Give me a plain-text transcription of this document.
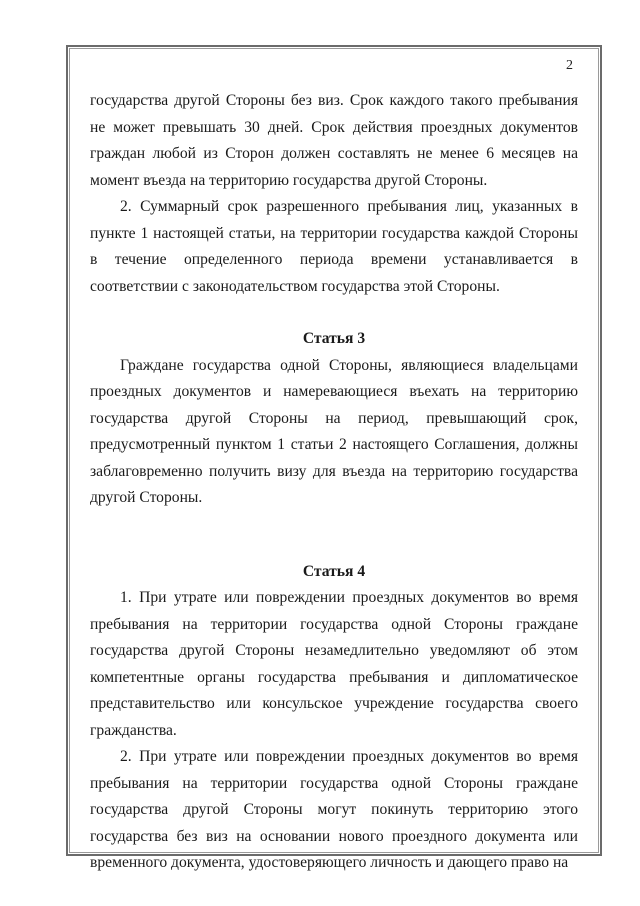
2

государства другой Стороны без виз. Срок каждого такого пребывания не может превышать 30 дней. Срок действия проездных документов граждан любой из Сторон должен составлять не менее 6 месяцев на момент въезда на территорию государства другой Стороны.

2. Суммарный срок разрешенного пребывания лиц, указанных в пункте 1 настоящей статьи, на территории государства каждой Стороны в течение определенного периода времени устанавливается в соответствии с законодательством государства этой Стороны.

Статья 3

Граждане государства одной Стороны, являющиеся владельцами проездных документов и намеревающиеся въехать на территорию государства другой Стороны на период, превышающий срок, предусмотренный пунктом 1 статьи 2 настоящего Соглашения, должны заблаговременно получить визу для въезда на территорию государства другой Стороны.

Статья 4

1. При утрате или повреждении проездных документов во время пребывания на территории государства одной Стороны граждане государства другой Стороны незамедлительно уведомляют об этом компетентные органы государства пребывания и дипломатическое представительство или консульское учреждение государства своего гражданства.

2. При утрате или повреждении проездных документов во время пребывания на территории государства одной Стороны граждане государства другой Стороны могут покинуть территорию этого государства без виз на основании нового проездного документа или временного документа, удостоверяющего личность и дающего право на
